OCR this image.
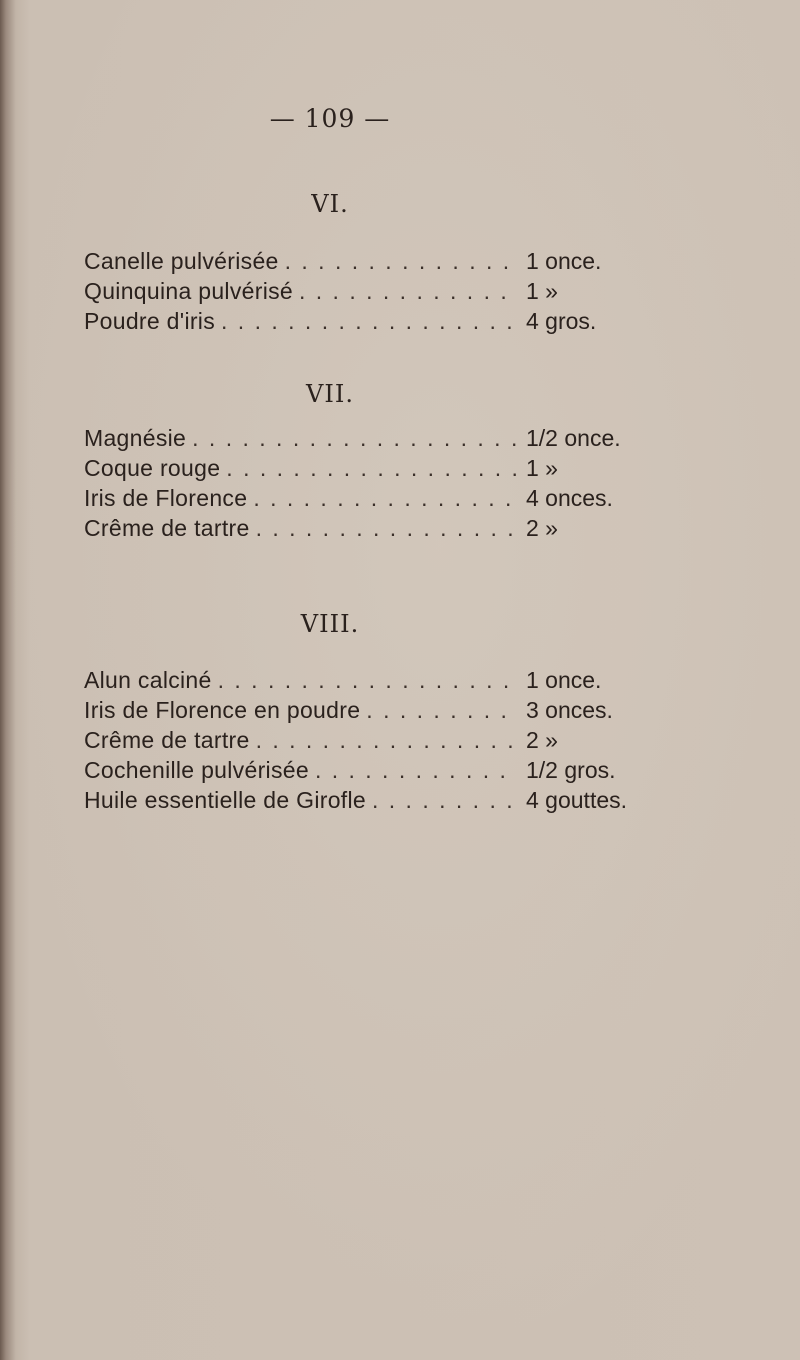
— 109 —
VI.
Canelle pulvérisée . . .	1 once.
Quinquina pulvérisé . . .	1 »
Poudre d'iris . . .	4 gros.
VII.
Magnésie . . .	1/2 once.
Coque rouge . . .	1 »
Iris de Florence . . .	4 onces.
Crême de tartre . . .	2 »
VIII.
Alun calciné . . .	1 once.
Iris de Florence en poudre . . .	3 onces.
Crême de tartre . . .	2 »
Cochenille pulvérisée . . .	1/2 gros.
Huile essentielle de Girofle . . .	4 gouttes.
